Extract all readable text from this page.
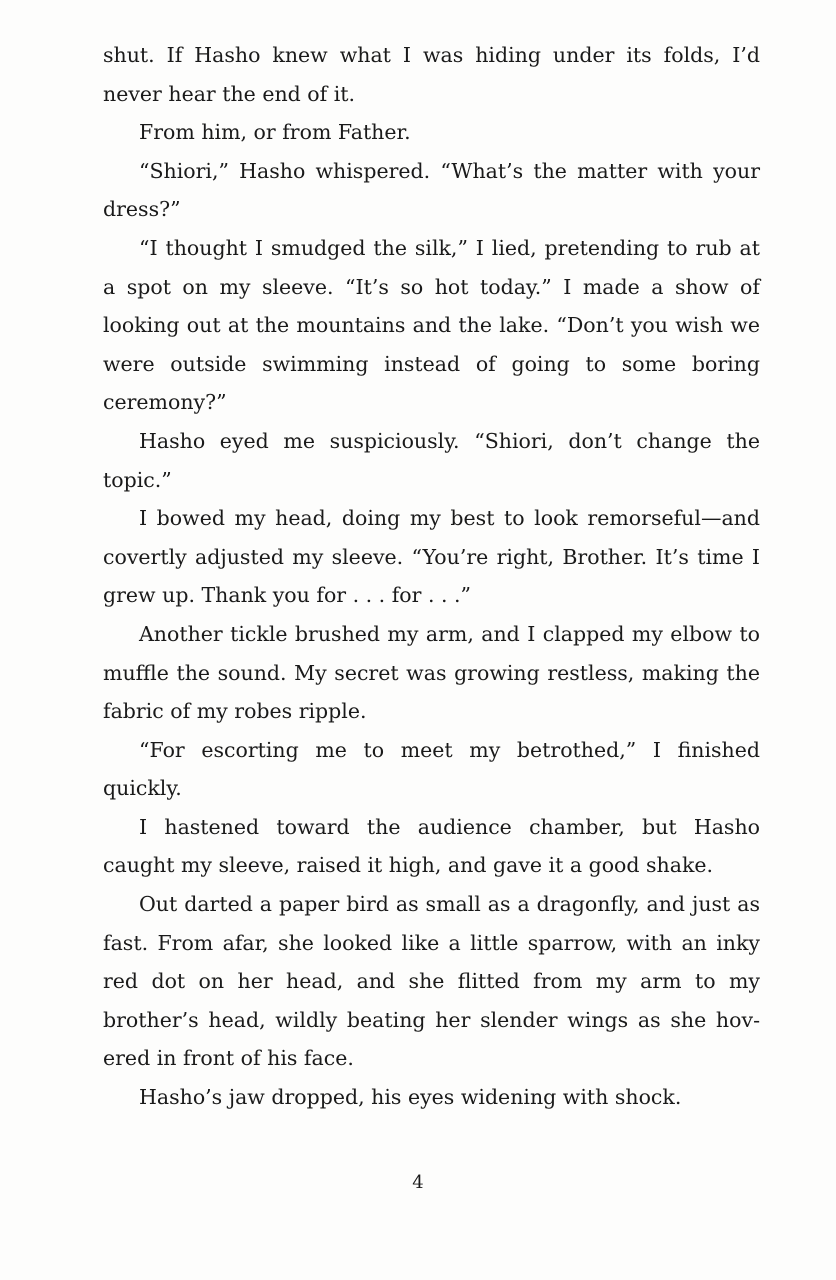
shut. If Hasho knew what I was hiding under its folds, I’d never hear the end of it.

From him, or from Father.

“Shiori,” Hasho whispered. “What’s the matter with your dress?”

“I thought I smudged the silk,” I lied, pretending to rub at a spot on my sleeve. “It’s so hot today.” I made a show of looking out at the mountains and the lake. “Don’t you wish we were outside swimming instead of going to some boring ceremony?”

Hasho eyed me suspiciously. “Shiori, don’t change the topic.”

I bowed my head, doing my best to look remorseful—and covertly adjusted my sleeve. “You’re right, Brother. It’s time I grew up. Thank you for . . . for . . .”

Another tickle brushed my arm, and I clapped my elbow to muffle the sound. My secret was growing restless, making the fabric of my robes ripple.

“For escorting me to meet my betrothed,” I finished quickly.

I hastened toward the audience chamber, but Hasho caught my sleeve, raised it high, and gave it a good shake.

Out darted a paper bird as small as a dragonfly, and just as fast. From afar, she looked like a little sparrow, with an inky red dot on her head, and she flitted from my arm to my brother’s head, wildly beating her slender wings as she hovered in front of his face.

Hasho’s jaw dropped, his eyes widening with shock.

4
